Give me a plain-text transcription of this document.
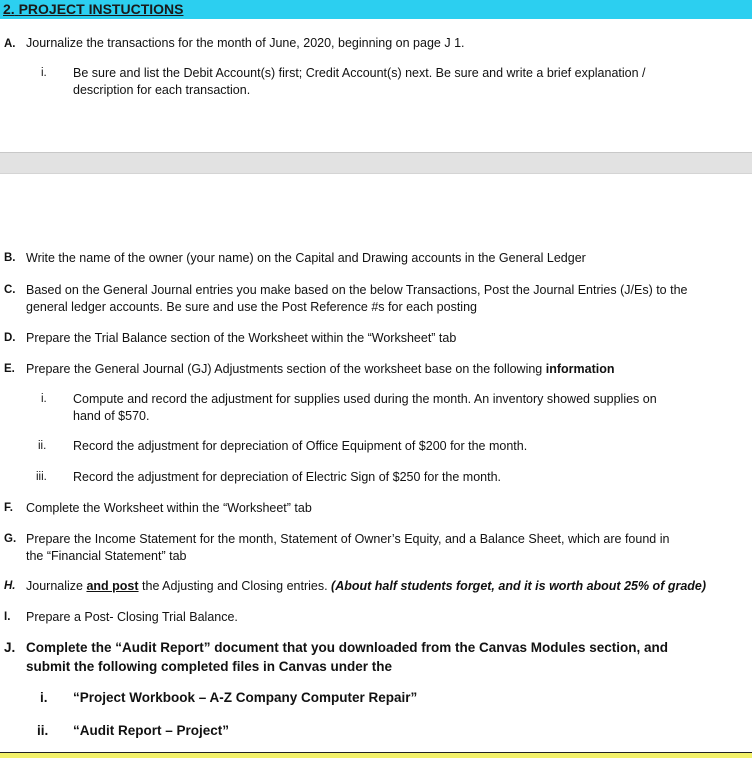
2. PROJECT INSTUCTIONS
A. Journalize the transactions for the month of June, 2020, beginning on page J 1.
i. Be sure and list the Debit Account(s) first; Credit Account(s) next. Be sure and write a brief explanation /
description for each transaction.
B. Write the name of the owner (your name) on the Capital and Drawing accounts in the General Ledger
C. Based on the General Journal entries you make based on the below Transactions, Post the Journal Entries (J/Es) to the
general ledger accounts. Be sure and use the Post Reference #s for each posting
D. Prepare the Trial Balance section of the Worksheet within the “Worksheet” tab
E. Prepare the General Journal (GJ) Adjustments section of the worksheet base on the following information
i. Compute and record the adjustment for supplies used during the month. An inventory showed supplies on
hand of $570.
ii. Record the adjustment for depreciation of Office Equipment of $200 for the month.
iii. Record the adjustment for depreciation of Electric Sign of $250 for the month.
F. Complete the Worksheet within the “Worksheet” tab
G. Prepare the Income Statement for the month, Statement of Owner’s Equity, and a Balance Sheet, which are found in
the “Financial Statement” tab
H. Journalize and post the Adjusting and Closing entries. (About half students forget, and it is worth about 25% of grade)
I. Prepare a Post- Closing Trial Balance.
J. Complete the “Audit Report” document that you downloaded from the Canvas Modules section, and
submit the following completed files in Canvas under the
i. “Project Workbook – A-Z Company Computer Repair”
ii. “Audit Report – Project”
